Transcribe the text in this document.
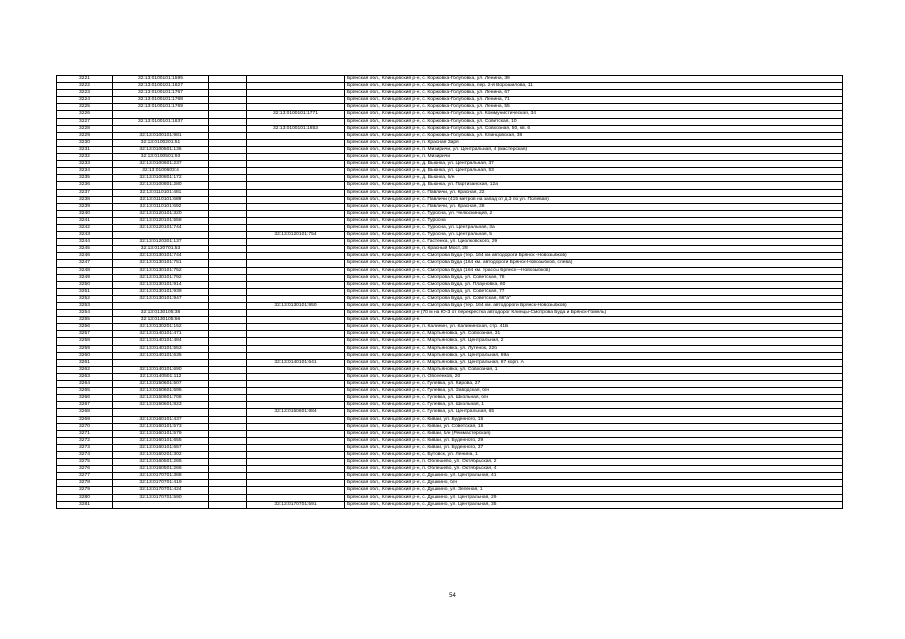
3221	32:13:0100101:1595			Брянская обл., Клинцовский р-н, с. Коржовка-Голубовка, ул. Ленина, 39
3222	32:13:0100101:1627			Брянская обл., Клинцовский р-н, с. Коржовка-Голубовка, пер. 2-й Ворошилова, 11
3223	32:13:0100101:1767			Брянская обл., Клинцовский р-н, с. Коржовка-Голубовка, ул. Ленина, 67
3224	32:13:0100101:1768			Брянская обл., Клинцовский р-н, с. Коржовка-Голубовка, ул. Ленина, 71
3225	32:13:0100101:1769			Брянская обл., Клинцовский р-н, с. Коржовка-Голубовка, ул. Ленина, 55
3226			32:13:0100101:1771	Брянская обл., Клинцовский р-н, с. Коржовка-Голубовка, ул. Коммунистическая, 34
3227	32:13:0100101:1837			Брянская обл., Клинцовский р-н, с. Коржовка-Голубовка, ул. Советская, 10
3228			32:13:0100101:1853	Брянская обл., Клинцовский р-н, с. Коржовка-Голубовка, ул. Совхозная, 50, кв. 6
3229	32:13:0100101:981			Брянская обл., Клинцовский р-н, с. Коржовка-Голубовка, ул. Клинцовская, 38
3230	32:13:0100201:51			Брянская обл., Клинцовский р-н, п. Красная Заря
3231	32:13:0100501:135			Брянская обл., Клинцовский р-н, п. Мизиричи, ул. Центральная, 4 (мастерская)
3232	32:13:0100501:93			Брянская обл., Клинцовский р-н, п. Мизиричи
3233	32:13:0100601:237			Брянская обл., Клинцовский р-н, д. Вьюнка, ул. Центральная, 37
3234	32:13:0100603:4			Брянская обл., Клинцовский р-н, д. Вьюнка, ул. Центральная, 53
3235	32:13:0100801:172			Брянская обл., Клинцовский р-н, д. Вьюнка, б/н
3236	32:13:0100801:280			Брянская обл., Клинцовский р-н, д. Вьюнка, ул. Партизанская, 12а
3237	32:13:0110101:481			Брянская обл., Клинцовский р-н, с. Павличи, ул. Красная, 22
3238	32:13:0110101:689			Брянская обл., Клинцовский р-н, с. Павличи (415 метров на запад от д.3 по ул. Полевая)
3239	32:13:0110101:692			Брянская обл., Клинцовский р-н, с. Павличи, ул. Красная, 28
3240	32:13:0120101:320			Брянская обл., Клинцовский р-н, с. Туросна, ул. Челюскинцев, 2
3241	32:13:0120101:558			Брянская обл., Клинцовский р-н, с. Туросна
3242	32:13:0120101:744			Брянская обл., Клинцовский р-н, с. Туросна, ул. Центральная, 3а
3243			32:13:0120101:754	Брянская обл., Клинцовский р-н, с. Туросна, ул. Центральная, 5
3244	32:13:0120301:137			Брянская обл., Клинцовский р-н, с. Гастенка, ул. Циолковского, 29
3245	32:13:0120701:53			Брянская обл., Клинцовский р-н, п. Красный Мост, 28
3246	32:13:0130101:744			Брянская обл., Клинцовский р-н, с. Смотрова Буда (тер. 164 км автодороги Брянск -Новозыбков)
3247	32:13:0130101:751			Брянская обл., Клинцовский р-н, с. Смотрова Буда (164 км. автодороги Брянск-Новозыбков, слева)
3248	32:13:0130101:752			Брянская обл., Клинцовский р-н, с. Смотрова Буда (164 км. трассы Брянск—Новозыбков)
3249	32:13:0130101:792			Брянская обл., Клинцовский р-н, с. Смотрова Буда, ул. Советская, 78
3250	32:13:0130101:914			Брянская обл., Клинцовский р-н, с. Смотрова Буда, ул. Плауновка, 60
3251	32:13:0130101:939			Брянская обл., Клинцовский р-н, с. Смотрова Буда, ул. Советская, 77
3252	32:13:0130101:947			Брянская обл., Клинцовский р-н, с. Смотрова Буда, ул. Советская, 66"а"
3253			32:13:0130101:950	Брянская обл., Клинцовский р-н, с. Смотрова Буда (тер. 164 км. автодороги Брянск-Новозыбков)
3254	32:13:0130105:38			Брянская обл., Клинцовский р-н (70 м на Ю-З от перекрестка автодорог Клинцы-Смотрова Буда и Брянск-Гомель)
3255	32:13:0130105:56			Брянская обл., Клинцовский р-н
3256	32:13:0130201:152			Брянская обл., Клинцовский р-н, п. Калинин, ул. Калининская, стр. 41Б
3257	32:13:0140101:471			Брянская обл., Клинцовский р-н, с. Мартьяновка, ул. Совхозная, 31
3258	32:13:0140101:484			Брянская обл., Клинцовский р-н, с. Мартьяновка, ул. Центральная, 2
3259	32:13:0140101:553			Брянская обл., Клинцовский р-н, с. Мартьяновка, ул. Лутенок, 22б
3260	32:13:0140101:635			Брянская обл., Клинцовский р-н, с. Мартьяновка, ул. Центральная, 69а
3261			32:13:0140101:641	Брянская обл., Клинцовский р-н, с. Мартьяновка, ул. Центральная, 67 корп. А
3262	32:13:0140101:690			Брянская обл., Клинцовский р-н, с. Мартьяновка, ул. Совхозная, 1
3263	32:13:0140501:112			Брянская обл., Клинцовский р-н, п. Овсеенков, 20
3264	32:13:0150601:507			Брянская обл., Клинцовский р-н, с. Гулевка, ул. Кирова, 27
3265	32:13:0150601:695			Брянская обл., Клинцовский р-н, с. Гулевка, ул. Заводская, б/н
3266	32:13:0150601:708			Брянская обл., Клинцовский р-н, с. Гулевка, ул. Школьная, б/н
3267	32:13:0150601:823			Брянская обл., Клинцовский р-н, с. Гулевка, ул. Школьная, 1
3268			32:13:0150601:984	Брянская обл., Клинцовский р-н, с. Гулевка, ул. Центральная, 65
3269	32:13:0160101:437			Брянская обл., Клинцовский р-н, с. Киваи, ул. Буденного, 15
3270	32:13:0160101:573			Брянская обл., Клинцовский р-н, с. Киваи, ул. Советская, 16
3271	32:13:0160101:579			Брянская обл., Клинцовский р-н, с. Киваи, б/н (Реммастерская)
3272	32:13:0160101:655			Брянская обл., Клинцовский р-н, с. Киваи, ул. Буденного, 29
3273	32:13:0160101:657			Брянская обл., Клинцовский р-н, с. Киваи, ул. Буденного, 37
3274	32:13:0160201:302			Брянская обл., Клинцовский р-н, с. Бутовск, ул. Ленина, 1
3275	32:13:0160501:265			Брянская обл., Клинцовский р-н, п. Облешево, ул. Октябрьская, 2
3276	32:13:0160501:266			Брянская обл., Клинцовский р-н, п. Облешево, ул. Октябрьская, 4
3277	32:13:0170701:368			Брянская обл., Клинцовский р-н, с. Душкино, ул. Центральная, 41
3278	32:13:0170701:419			Брянская обл., Клинцовский р-н, с. Душкино, б/н
3279	32:13:0170701:424			Брянская обл., Клинцовский р-н, с. Душкино, ул. Зеленая, 1
3280	32:13:0170701:590			Брянская обл., Клинцовский р-н, с. Душкино, ул. Центральная, 29
3281			32:13:0170701:591	Брянская обл., Клинцовский р-н, с. Душкино, ул. Центральная, 35
54
